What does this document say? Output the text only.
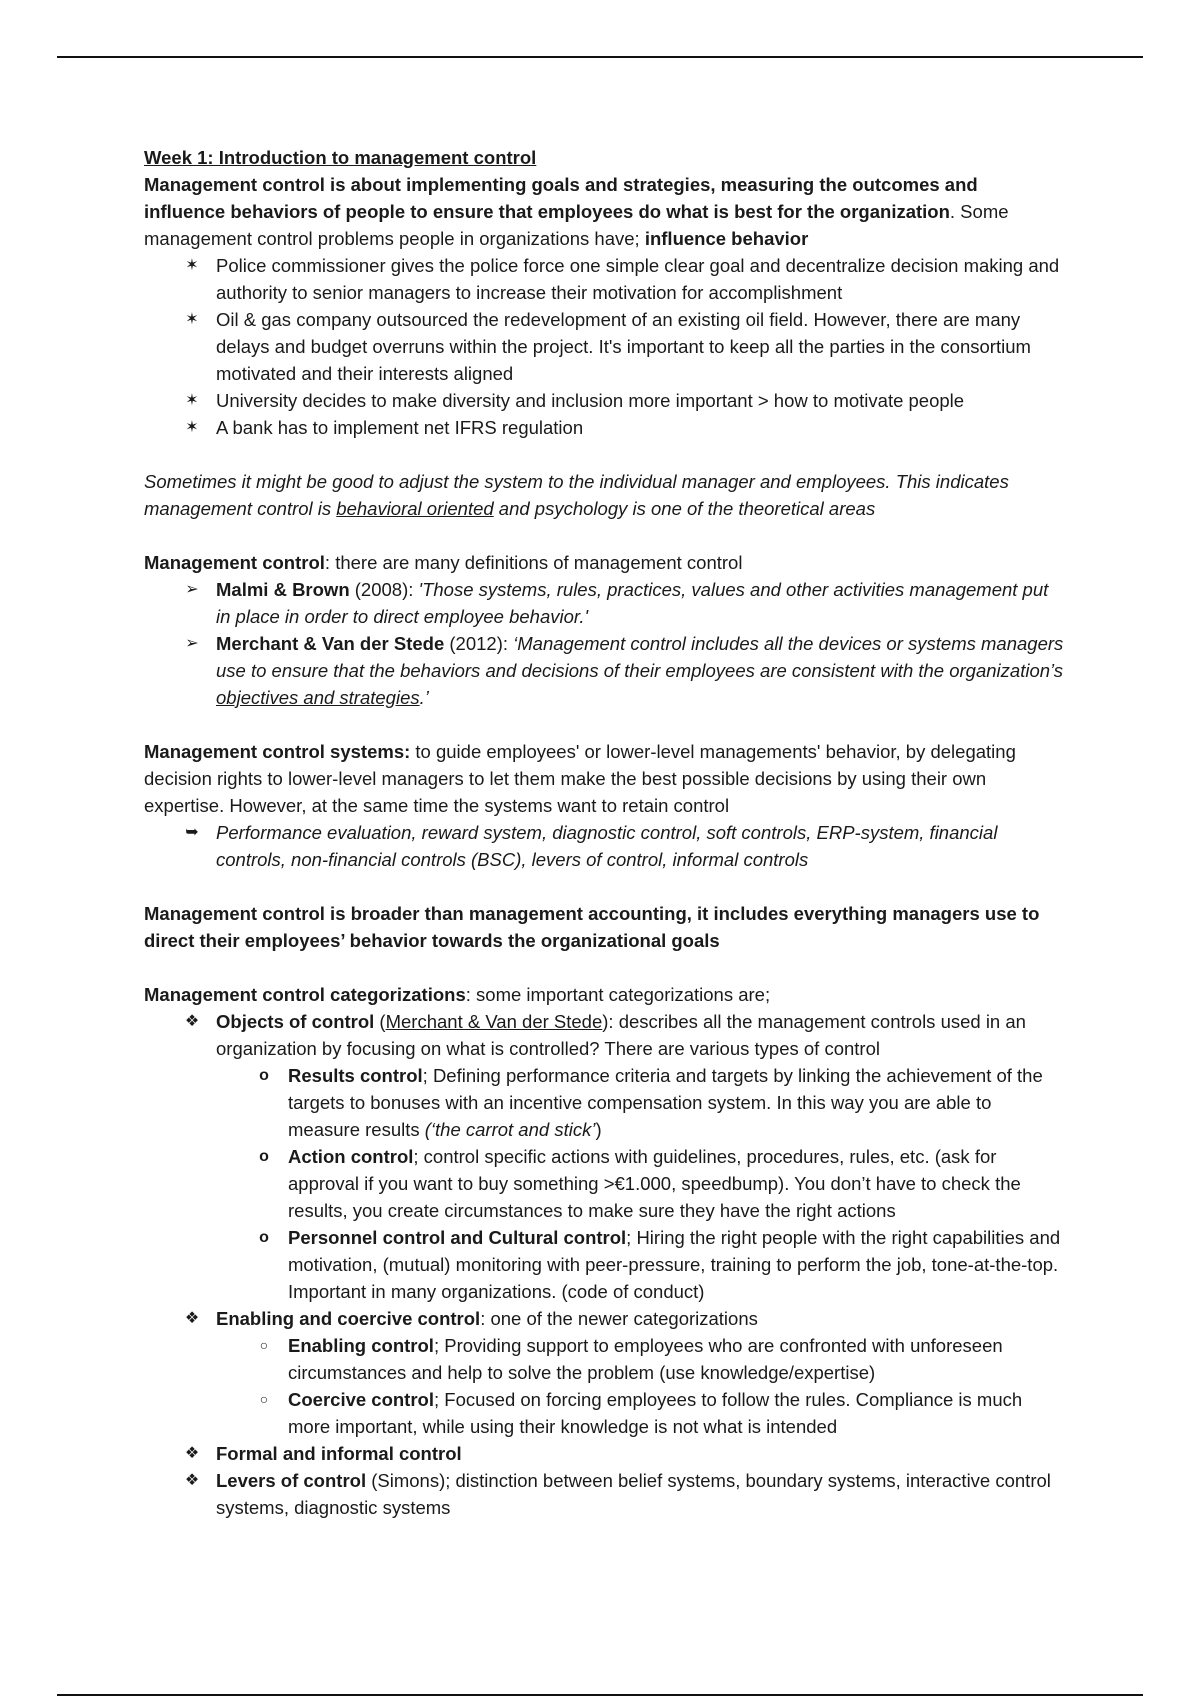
Week 1: Introduction to management control

Management control is about implementing goals and strategies, measuring the outcomes and influence behaviors of people to ensure that employees do what is best for the organization. Some management control problems people in organizations have; influence behavior

✶ Police commissioner gives the police force one simple clear goal and decentralize decision making and authority to senior managers to increase their motivation for accomplishment
✶ Oil & gas company outsourced the redevelopment of an existing oil field. However, there are many delays and budget overruns within the project. It's important to keep all the parties in the consortium motivated and their interests aligned
✶ University decides to make diversity and inclusion more important > how to motivate people
✶ A bank has to implement net IFRS regulation

Sometimes it might be good to adjust the system to the individual manager and employees. This indicates management control is behavioral oriented and psychology is one of the theoretical areas

Management control: there are many definitions of management control

➢ Malmi & Brown (2008): 'Those systems, rules, practices, values and other activities management put in place in order to direct employee behavior.'
➢ Merchant & Van der Stede (2012): ‘Management control includes all the devices or systems managers use to ensure that the behaviors and decisions of their employees are consistent with the organization’s objectives and strategies.’

Management control systems: to guide employees' or lower-level managements' behavior, by delegating decision rights to lower-level managers to let them make the best possible decisions by using their own expertise. However, at the same time the systems want to retain control

➥ Performance evaluation, reward system, diagnostic control, soft controls, ERP-system, financial controls, non-financial controls (BSC), levers of control, informal controls

Management control is broader than management accounting, it includes everything managers use to direct their employees’ behavior towards the organizational goals

Management control categorizations: some important categorizations are;

❖ Objects of control (Merchant & Van der Stede): describes all the management controls used in an organization by focusing on what is controlled? There are various types of control
o	Results control; Defining performance criteria and targets by linking the achievement of the targets to bonuses with an incentive compensation system. In this way you are able to measure results (‘the carrot and stick’)
o	Action control; control specific actions with guidelines, procedures, rules, etc. (ask for approval if you want to buy something >€1.000, speedbump). You don’t have to check the results, you create circumstances to make sure they have the right actions
o	Personnel control and Cultural control; Hiring the right people with the right capabilities and motivation, (mutual) monitoring with peer-pressure, training to perform the job, tone-at-the-top. Important in many organizations. (code of conduct)
❖ Enabling and coercive control: one of the newer categorizations
○	Enabling control; Providing support to employees who are confronted with unforeseen circumstances and help to solve the problem (use knowledge/expertise)
○	Coercive control; Focused on forcing employees to follow the rules. Compliance is much more important, while using their knowledge is not what is intended
❖ Formal and informal control
❖ Levers of control (Simons); distinction between belief systems, boundary systems, interactive control systems, diagnostic systems
